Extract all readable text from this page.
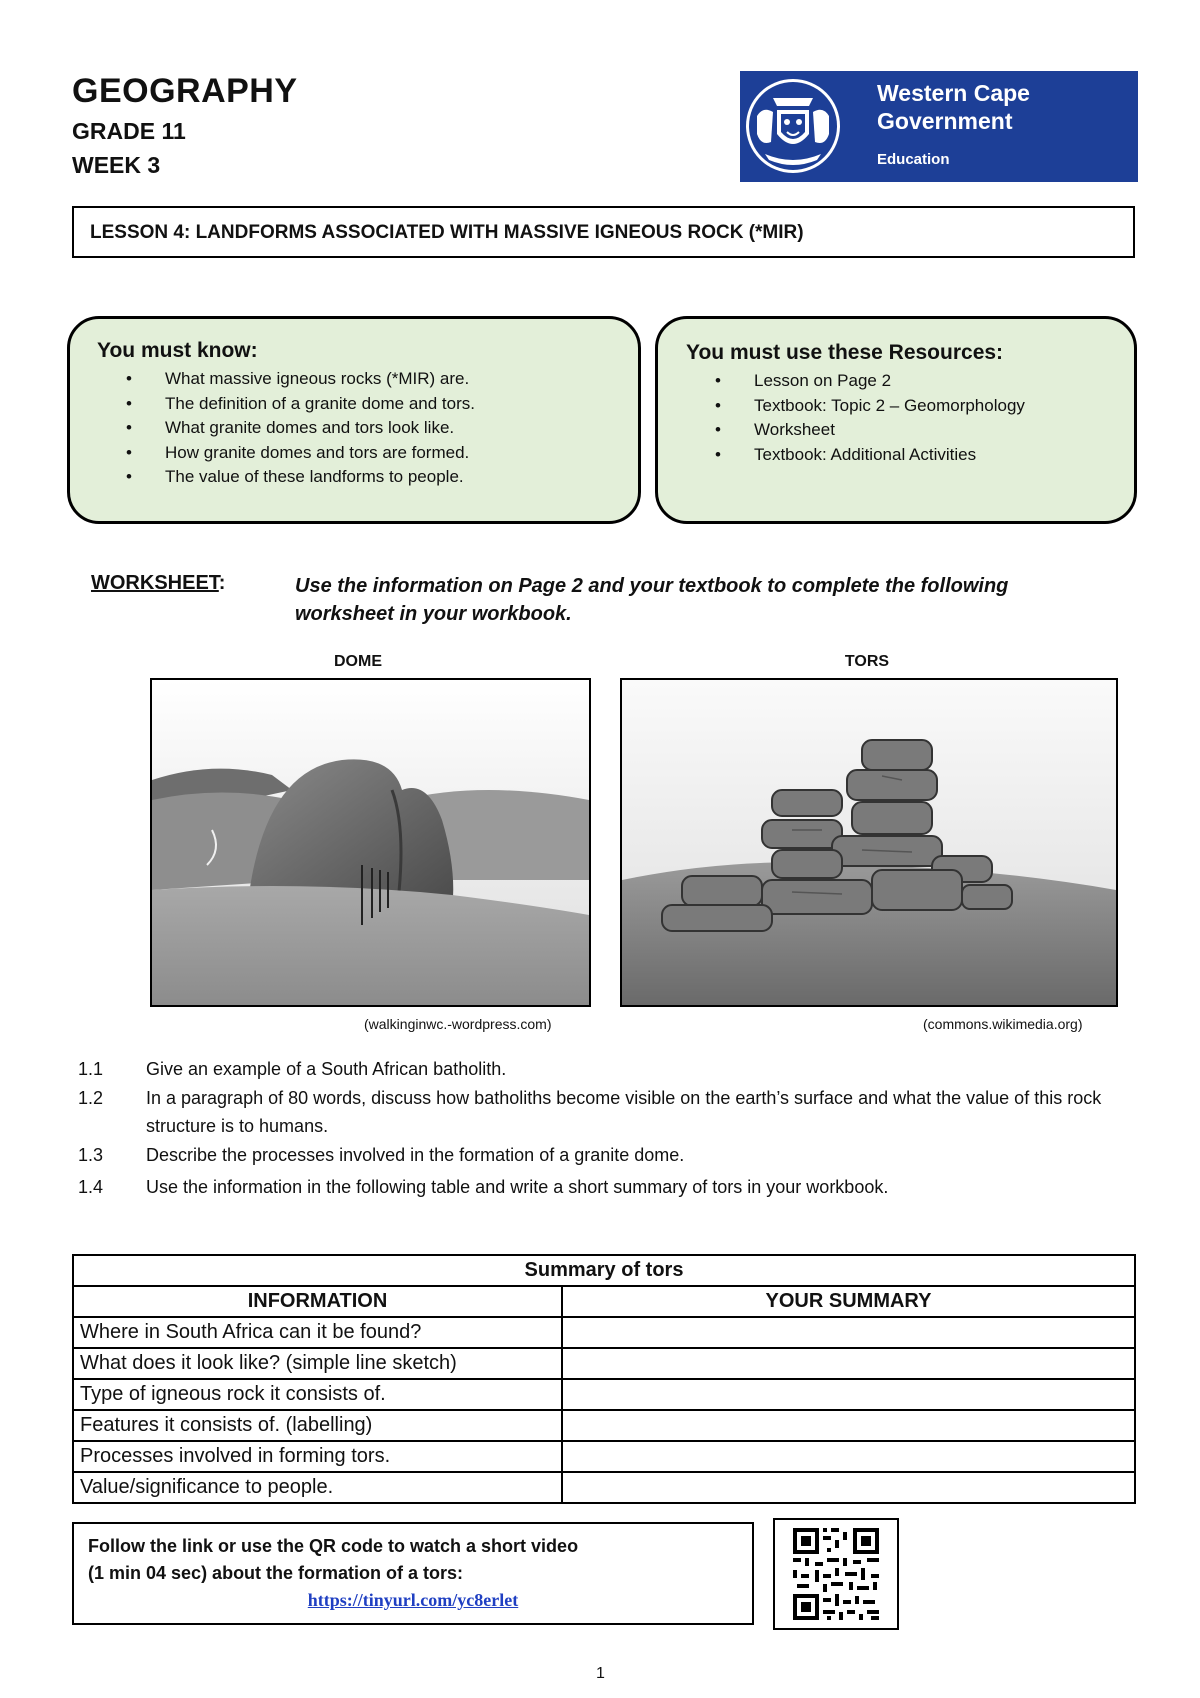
GEOGRAPHY
GRADE 11
WEEK 3
Western Cape
Government
Education
LESSON 4: LANDFORMS ASSOCIATED WITH MASSIVE IGNEOUS ROCK (*MIR)
You must know:
• What massive igneous rocks (*MIR) are.
• The definition of a granite dome and tors.
• What granite domes and tors look like.
• How granite domes and tors are formed.
• The value of these landforms to people.
You must use these Resources:
• Lesson on Page 2
• Textbook: Topic 2 – Geomorphology
• Worksheet
• Textbook: Additional Activities
WORKSHEET:	Use the information on Page 2 and your textbook to complete the following worksheet in your workbook.
DOME	TORS
(walkinginwc.-wordpress.com)	(commons.wikimedia.org)
1.1 Give an example of a South African batholith.
1.2 In a paragraph of 80 words, discuss how batholiths become visible on the earth’s surface and what the value of this rock structure is to humans.
1.3 Describe the processes involved in the formation of a granite dome.
1.4 Use the information in the following table and write a short summary of tors in your workbook.
Summary of tors	
INFORMATION	YOUR SUMMARY
Where in South Africa can it be found?	
What does it look like? (simple line sketch)	
Type of igneous rock it consists of.	
Features it consists of. (labelling)	
Processes involved in forming tors.	
Value/significance to people.	
Follow the link or use the QR code to watch a short video
(1 min 04 sec) about the formation of a tors:
https://tinyurl.com/yc8erlet
1
